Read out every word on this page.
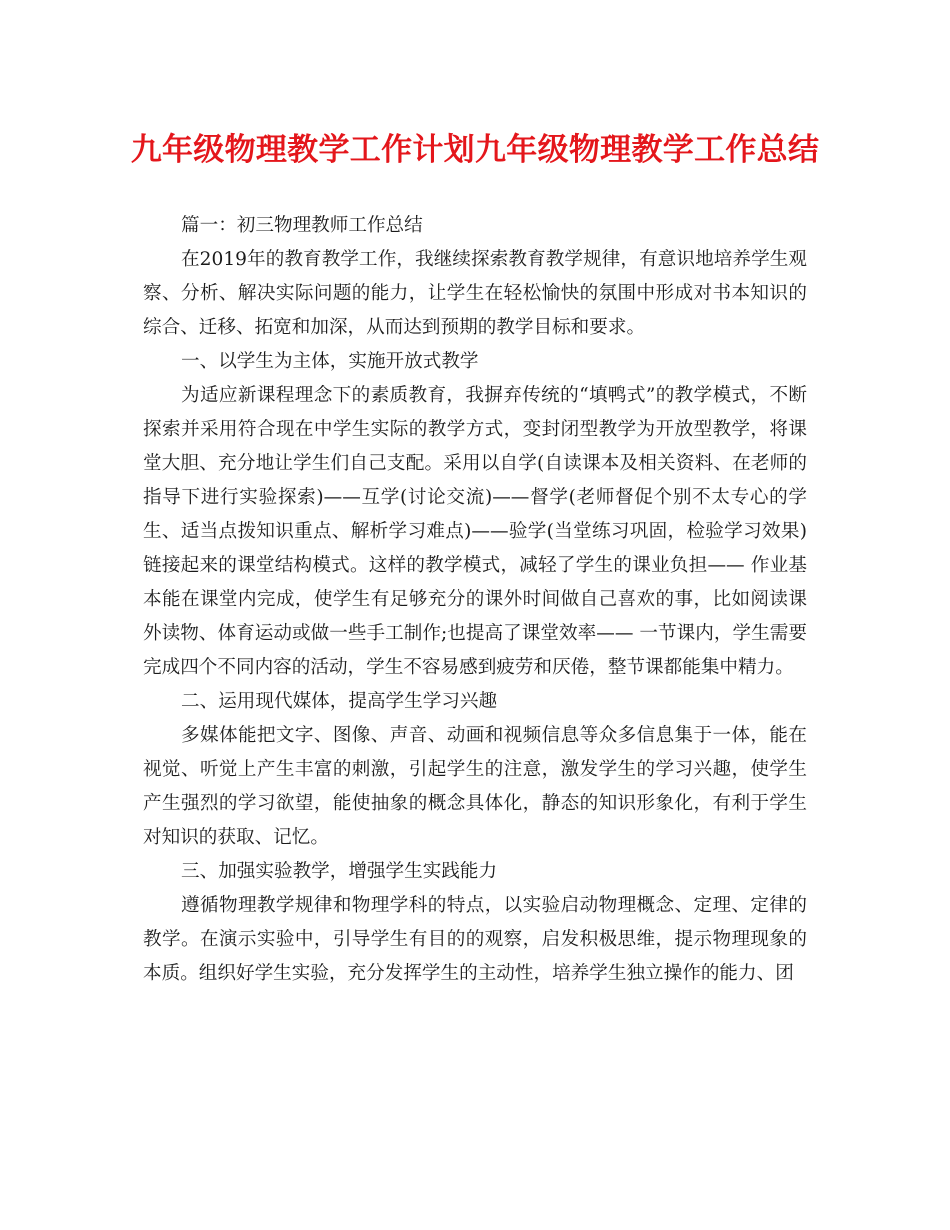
九年级物理教学工作计划九年级物理教学工作总结

篇一：初三物理教师工作总结

在2019年的教育教学工作，我继续探索教育教学规律，有意识地培养学生观察、分析、解决实际问题的能力，让学生在轻松愉快的氛围中形成对书本知识的综合、迁移、拓宽和加深，从而达到预期的教学目标和要求。

一、以学生为主体，实施开放式教学

为适应新课程理念下的素质教育，我摒弃传统的“填鸭式”的教学模式，不断探索并采用符合现在中学生实际的教学方式，变封闭型教学为开放型教学，将课堂大胆、充分地让学生们自己支配。采用以自学(自读课本及相关资料、在老师的指导下进行实验探索)——互学(讨论交流)——督学(老师督促个别不太专心的学生、适当点拨知识重点、解析学习难点)——验学(当堂练习巩固，检验学习效果)链接起来的课堂结构模式。这样的教学模式，减轻了学生的课业负担—— 作业基本能在课堂内完成，使学生有足够充分的课外时间做自己喜欢的事，比如阅读课外读物、体育运动或做一些手工制作;也提高了课堂效率—— 一节课内，学生需要完成四个不同内容的活动，学生不容易感到疲劳和厌倦，整节课都能集中精力。

二、运用现代媒体，提高学生学习兴趣

多媒体能把文字、图像、声音、动画和视频信息等众多信息集于一体，能在视觉、听觉上产生丰富的刺激，引起学生的注意，激发学生的学习兴趣，使学生产生强烈的学习欲望，能使抽象的概念具体化，静态的知识形象化，有利于学生对知识的获取、记忆。

三、加强实验教学，增强学生实践能力

遵循物理教学规律和物理学科的特点，以实验启动物理概念、定理、定律的教学。在演示实验中，引导学生有目的的观察，启发积极思维，提示物理现象的本质。组织好学生实验，充分发挥学生的主动性，培养学生独立操作的能力、团
